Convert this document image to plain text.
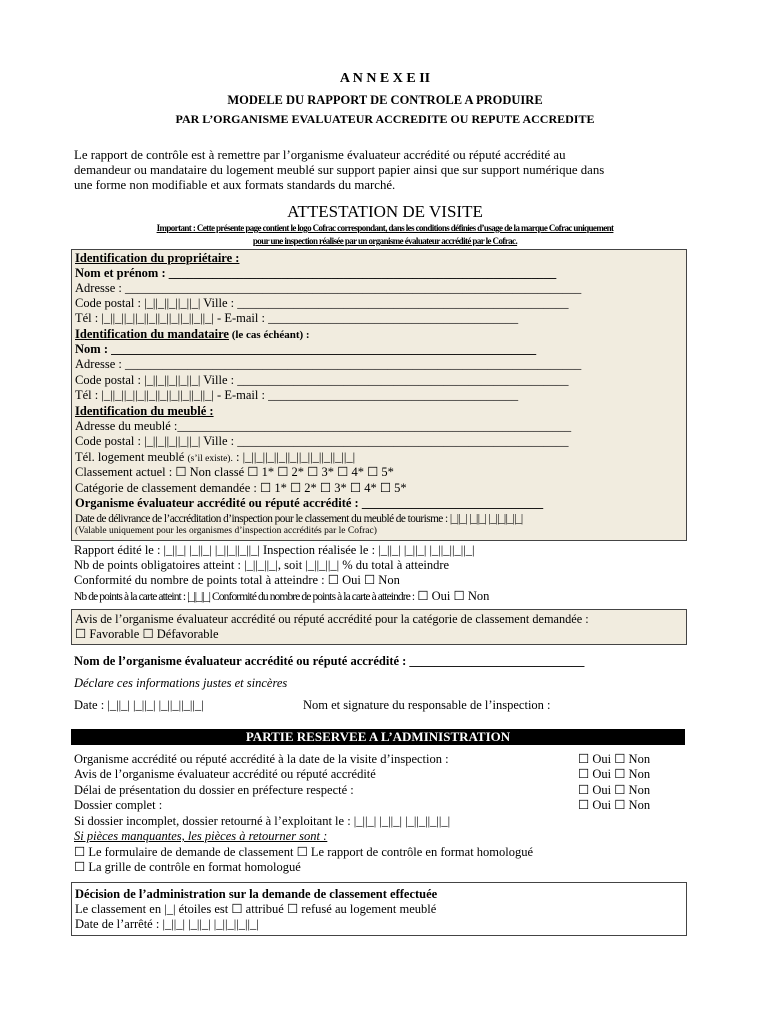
A N N E X E II
MODELE DU RAPPORT DE CONTROLE A PRODUIRE
PAR L’ORGANISME EVALUATEUR ACCREDITE OU REPUTE ACCREDITE
Le rapport de contrôle est à remettre par l’organisme évaluateur accrédité ou réputé accrédité au
demandeur ou mandataire du logement meublé sur support papier ainsi que sur support numérique dans
une forme non modifiable et aux formats standards du marché.
ATTESTATION DE VISITE
Important : Cette présente page contient le logo Cofrac correspondant, dans les conditions définies d’usage de la marque Cofrac uniquement
pour une inspection réalisée par un organisme évaluateur accrédité par le Cofrac.
Identification du propriétaire :
Nom et prénom : ______________________________________________________________
Adresse : _________________________________________________________________________
Code postal : |_||_||_||_||_| Ville : _____________________________________________________
Tél : |_||_||_||_||_||_||_||_||_||_| - E-mail : ________________________________________
Identification du mandataire (le cas échéant) :
Nom : ____________________________________________________________________
Adresse : _________________________________________________________________________
Code postal : |_||_||_||_||_| Ville : _____________________________________________________
Tél : |_||_||_||_||_||_||_||_||_||_| - E-mail : ________________________________________
Identification du meublé :
Adresse du meublé :_______________________________________________________________
Code postal : |_||_||_||_||_| Ville : _____________________________________________________
Tél. logement meublé (s’il existe). : |_||_||_||_||_||_||_||_||_||_|
Classement actuel : ☐ Non classé ☐ 1* ☐ 2* ☐ 3* ☐ 4* ☐ 5*
Catégorie de classement demandée : ☐ 1* ☐ 2* ☐ 3* ☐ 4* ☐ 5*
Organisme évaluateur accrédité ou réputé accrédité : _____________________________
Date de délivrance de l’accréditation d’inspection pour le classement du meublé de tourisme : |_||_| |_||_| |_||_||_||_|
(Valable uniquement pour les organismes d’inspection accrédités par le Cofrac)
Rapport édité le : |_||_| |_||_| |_||_||_||_| Inspection réalisée le : |_||_| |_||_| |_||_||_||_|
Nb de points obligatoires atteint : |_||_||_|, soit |_||_||_| % du total à atteindre
Conformité du nombre de points total à atteindre : ☐ Oui ☐ Non
Nb de points à la carte atteint : |_||_||_| Conformité du nombre de points à la carte à atteindre : ☐ Oui ☐ Non
Avis de l’organisme évaluateur accrédité ou réputé accrédité pour la catégorie de classement demandée :
☐ Favorable ☐ Défavorable
Nom de l’organisme évaluateur accrédité ou réputé accrédité : ____________________________
Déclare ces informations justes et sincères
Date : |_||_| |_||_| |_||_||_||_|	Nom et signature du responsable de l’inspection :
PARTIE RESERVEE A L’ADMINISTRATION
Organisme accrédité ou réputé accrédité à la date de la visite d’inspection :	☐ Oui ☐ Non
Avis de l’organisme évaluateur accrédité ou réputé accrédité	☐ Oui ☐ Non
Délai de présentation du dossier en préfecture respecté :	☐ Oui ☐ Non
Dossier complet :	☐ Oui ☐ Non
Si dossier incomplet, dossier retourné à l’exploitant le : |_||_| |_||_| |_||_||_||_|
Si pièces manquantes, les pièces à retourner sont :
☐ Le formulaire de demande de classement ☐ Le rapport de contrôle en format homologué
☐ La grille de contrôle en format homologué
Décision de l’administration sur la demande de classement effectuée
Le classement en |_| étoiles est ☐ attribué ☐ refusé au logement meublé
Date de l’arrêté : |_||_| |_||_| |_||_||_||_|
